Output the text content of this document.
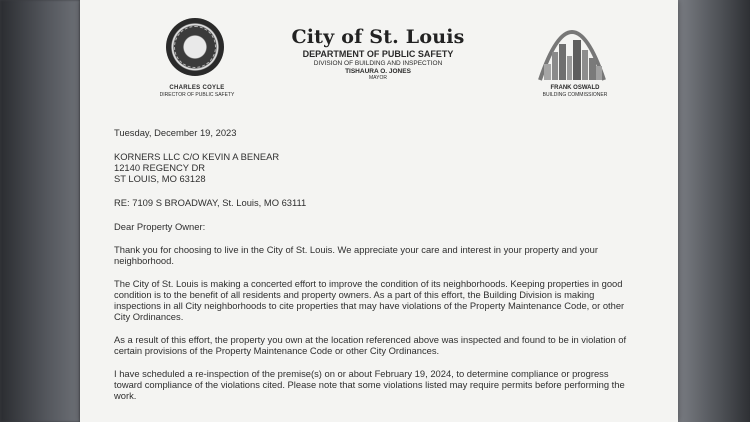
CHARLES COYLE
DIRECTOR OF PUBLIC SAFETY
City of St. Louis
DEPARTMENT OF PUBLIC SAFETY
DIVISION OF BUILDING AND INSPECTION
TISHAURA O. JONES
MAYOR
FRANK OSWALD
BUILDING COMMISSIONER

Tuesday, December 19, 2023

KORNERS LLC C/O KEVIN A BENEAR

12140 REGENCY DR

ST LOUIS, MO 63128

RE: 7109 S BROADWAY, St. Louis, MO 63111

Dear Property Owner:

Thank you for choosing to live in the City of St. Louis. We appreciate your care and interest in your property and your

neighborhood.

The City of St. Louis is making a concerted effort to improve the condition of its neighborhoods. Keeping properties in good

condition is to the benefit of all residents and property owners. As a part of this effort, the Building Division is making

inspections in all City neighborhoods to cite properties that may have violations of the Property Maintenance Code, or other

City Ordinances.

As a result of this effort, the property you own at the location referenced above was inspected and found to be in violation of

certain provisions of the Property Maintenance Code or other City Ordinances.

I have scheduled a re-inspection of the premise(s) on or about February 19, 2024, to determine compliance or progress

toward compliance of the violations cited. Please note that some violations listed may require permits before performing the

work.
